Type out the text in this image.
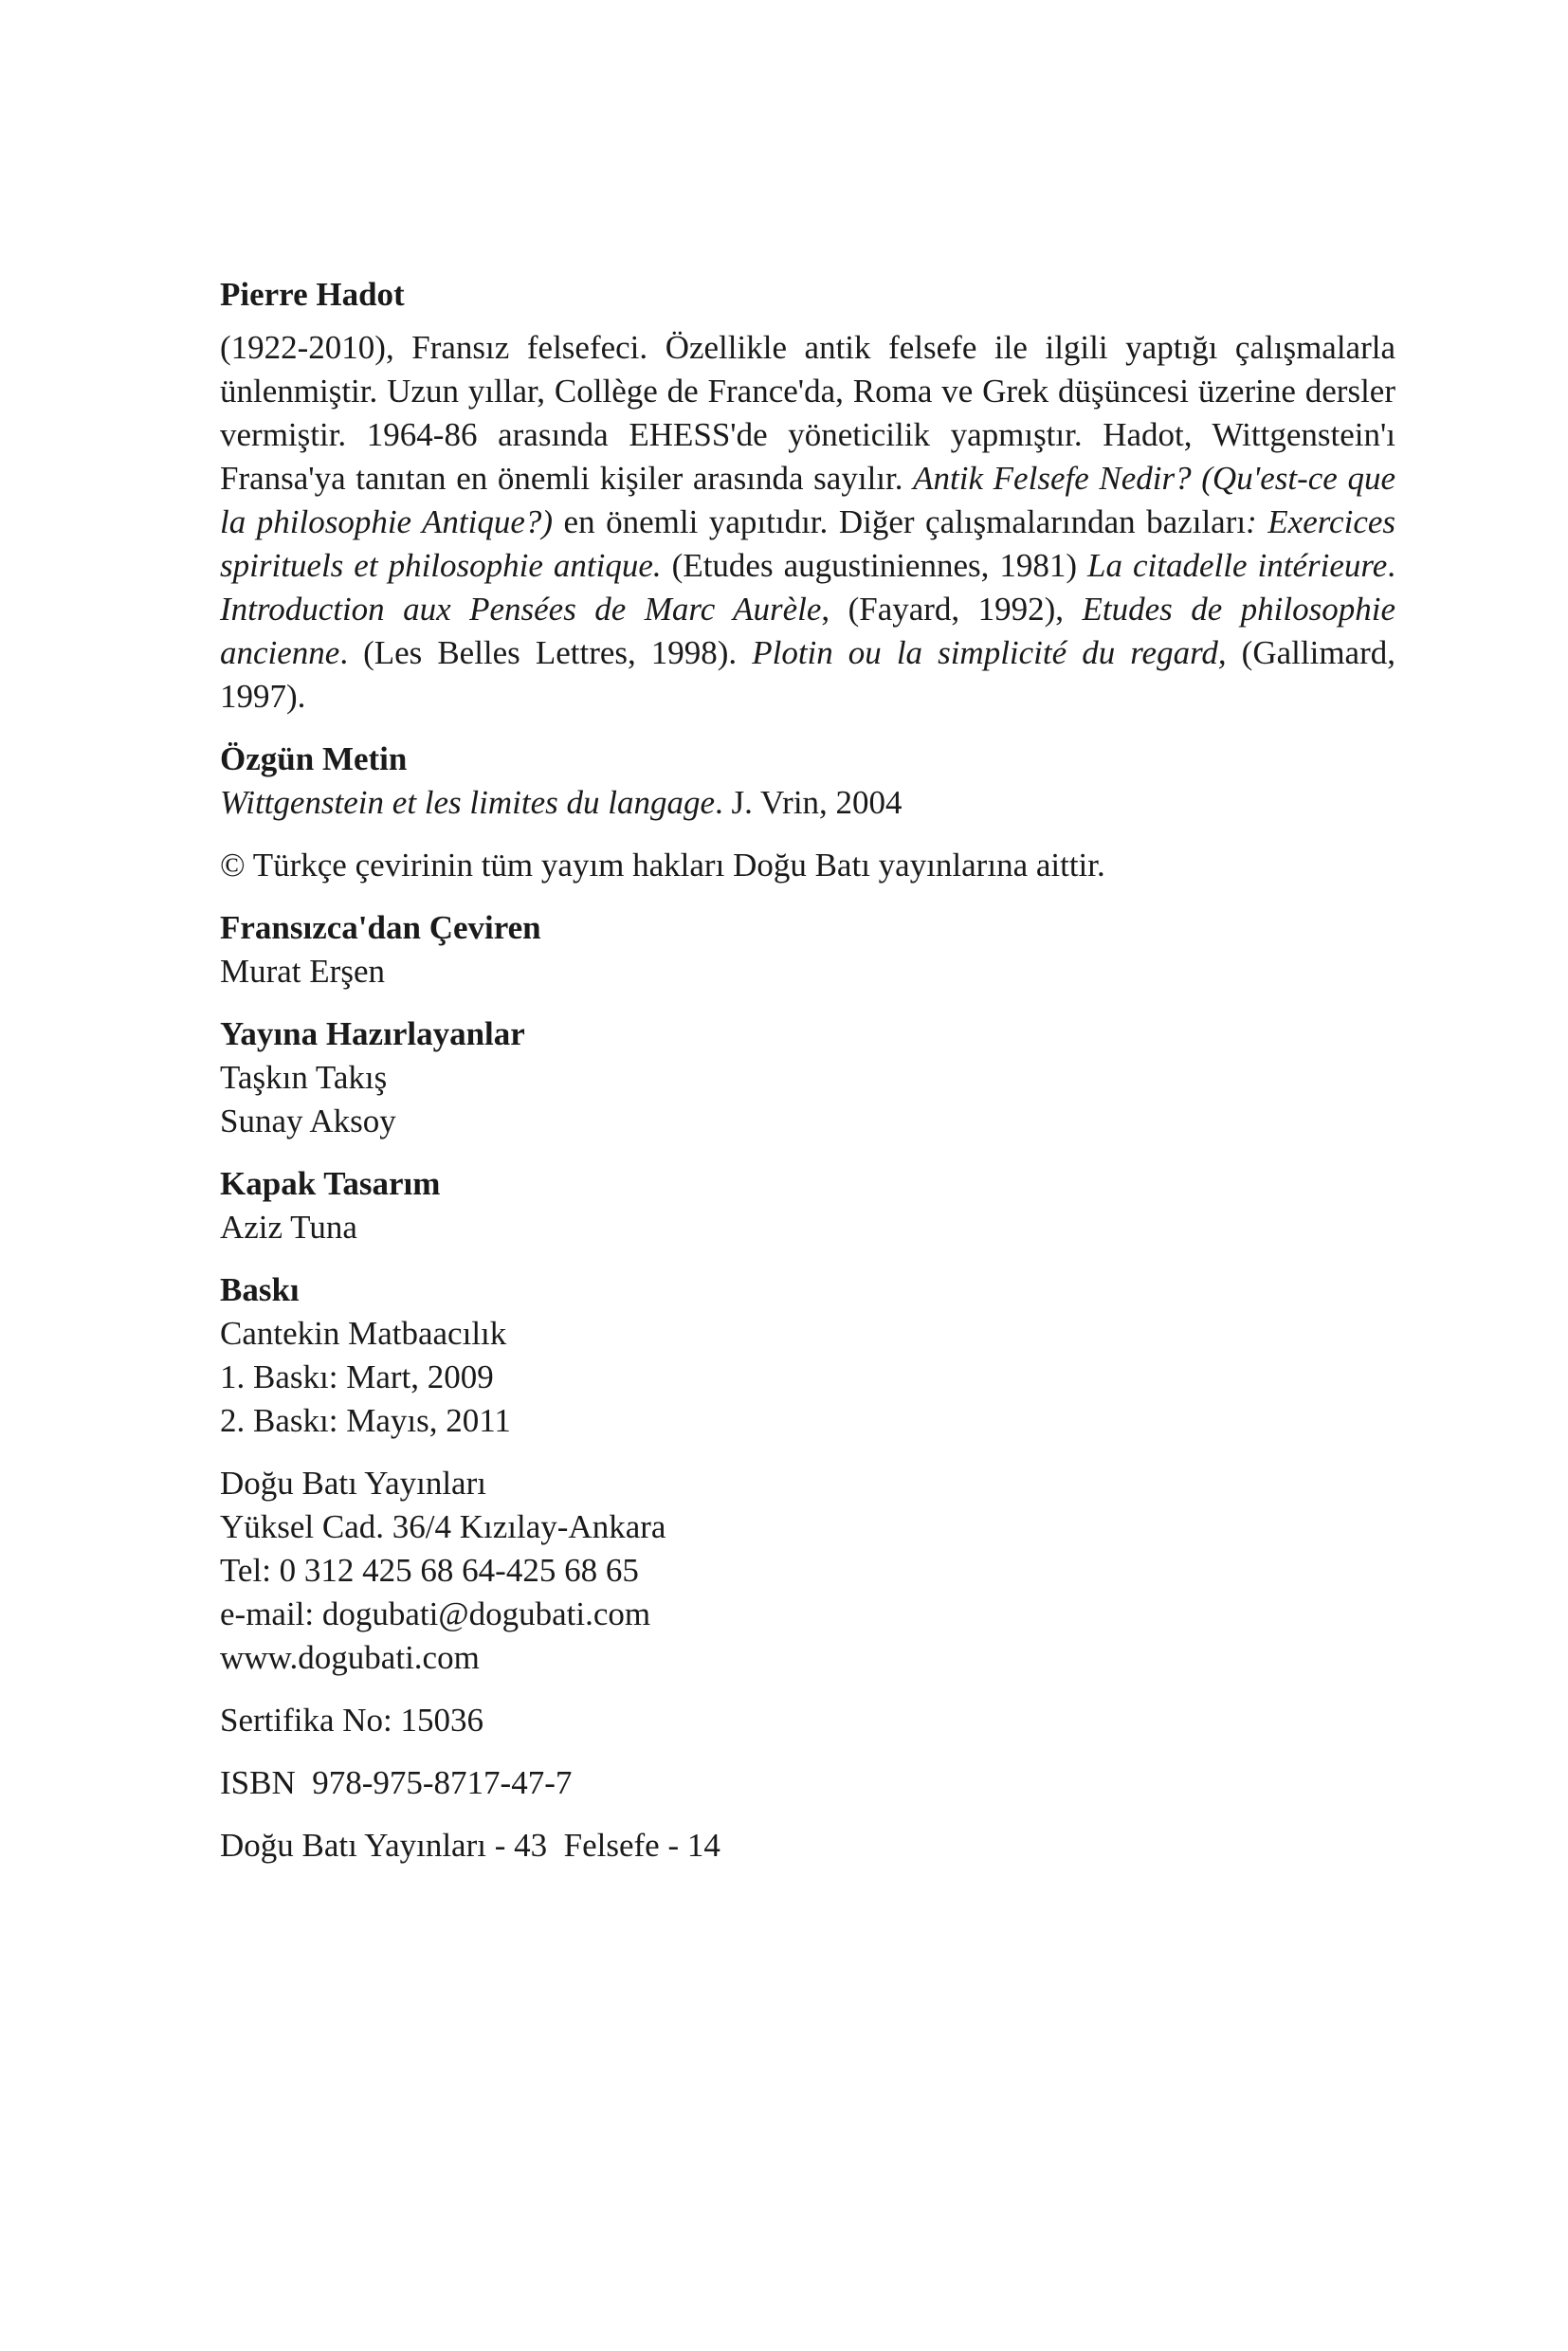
Pierre Hadot
(1922-2010), Fransız felsefeci. Özellikle antik felsefe ile ilgili yaptığı çalışmalarla ünlenmiştir. Uzun yıllar, Collège de France'da, Roma ve Grek düşüncesi üzerine dersler vermiştir. 1964-86 arasında EHESS'de yöneticilik yapmıştır. Hadot, Wittgenstein'ı Fransa'ya tanıtan en önemli kişiler arasında sayılır. Antik Felsefe Nedir? (Qu'est-ce que la philosophie Antique?) en önemli yapıtıdır. Diğer çalışmalarından bazıları: Exercices spirituels et philosophie antique. (Etudes augustiniennes, 1981) La citadelle intérieure. Introduction aux Pensées de Marc Aurèle, (Fayard, 1992), Etudes de philosophie ancienne. (Les Belles Lettres, 1998). Plotin ou la simplicité du regard, (Gallimard, 1997).
Özgün Metin
Wittgenstein et les limites du langage. J. Vrin, 2004
© Türkçe çevirinin tüm yayım hakları Doğu Batı yayınlarına aittir.
Fransızca'dan Çeviren
Murat Erşen
Yayına Hazırlayanlar
Taşkın Takış
Sunay Aksoy
Kapak Tasarım
Aziz Tuna
Baskı
Cantekin Matbaacılık
1. Baskı: Mart, 2009
2. Baskı: Mayıs, 2011
Doğu Batı Yayınları
Yüksel Cad. 36/4 Kızılay-Ankara
Tel: 0 312 425 68 64-425 68 65
e-mail: dogubati@dogubati.com
www.dogubati.com
Sertifika No: 15036
ISBN  978-975-8717-47-7
Doğu Batı Yayınları - 43  Felsefe - 14
